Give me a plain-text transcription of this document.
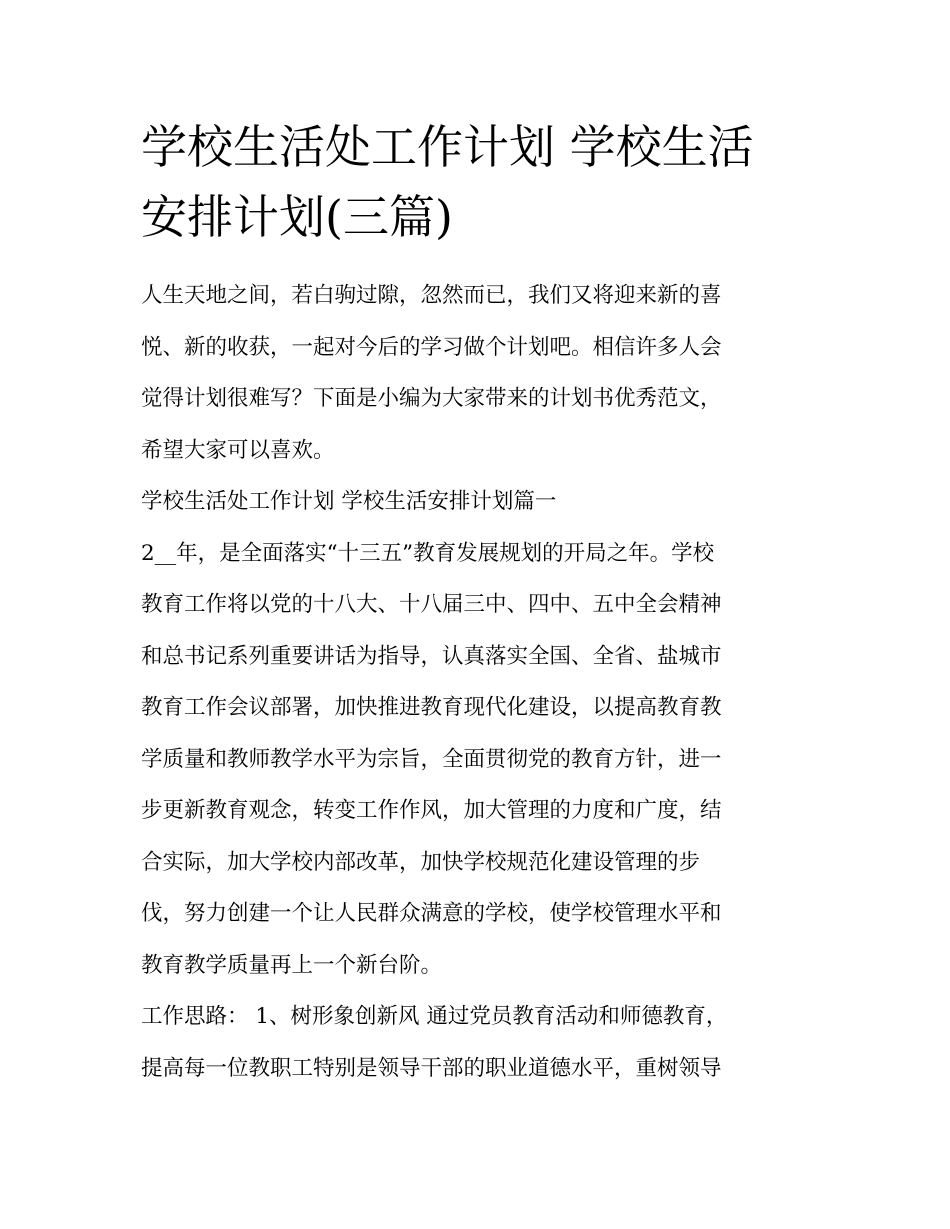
学校生活处工作计划 学校生活
安排计划(三篇)
人生天地之间，若白驹过隙，忽然而已，我们又将迎来新的喜
悦、新的收获，一起对今后的学习做个计划吧。相信许多人会
觉得计划很难写？下面是小编为大家带来的计划书优秀范文，
希望大家可以喜欢。
学校生活处工作计划 学校生活安排计划篇一
2__年，是全面落实“十三五”教育发展规划的开局之年。学校
教育工作将以党的十八大、十八届三中、四中、五中全会精神
和总书记系列重要讲话为指导，认真落实全国、全省、盐城市
教育工作会议部署，加快推进教育现代化建设，以提高教育教
学质量和教师教学水平为宗旨，全面贯彻党的教育方针，进一
步更新教育观念，转变工作作风，加大管理的力度和广度，结
合实际，加大学校内部改革，加快学校规范化建设管理的步
伐，努力创建一个让人民群众满意的学校，使学校管理水平和
教育教学质量再上一个新台阶。
工作思路： 1、树形象创新风 通过党员教育活动和师德教育，
提高每一位教职工特别是领导干部的职业道德水平，重树领导
